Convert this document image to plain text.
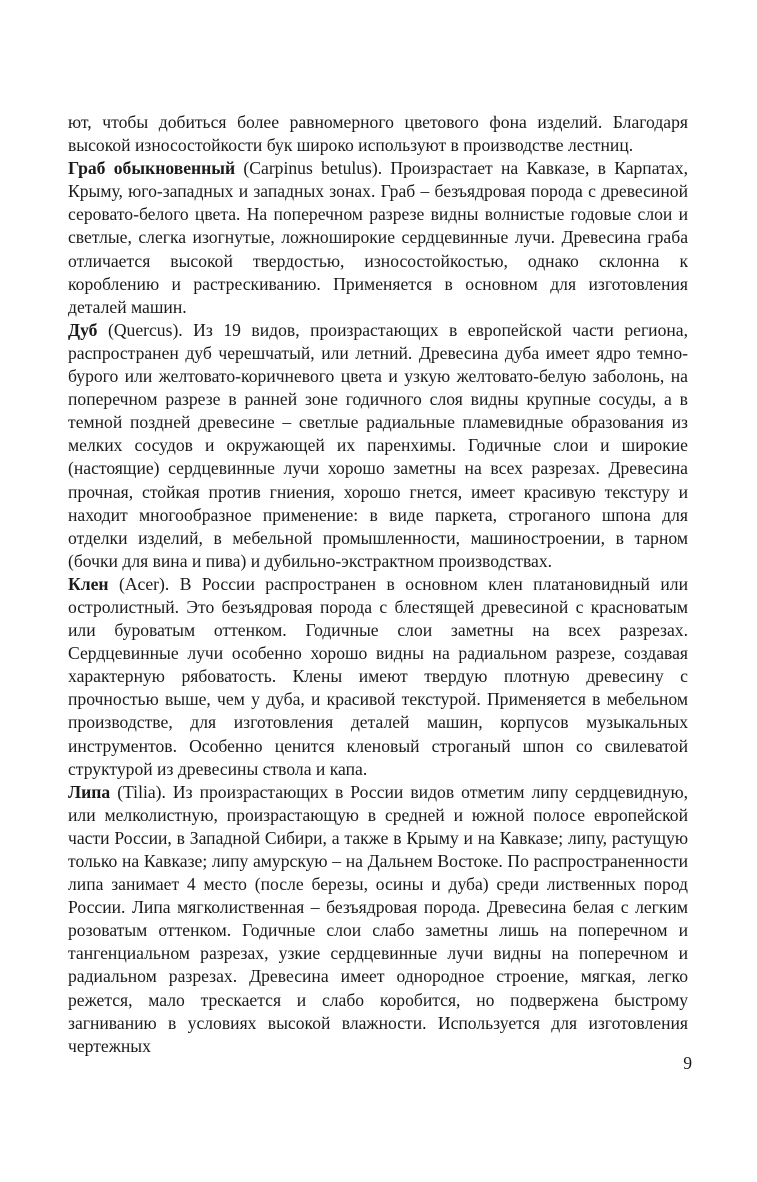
ют, чтобы добиться более равномерного цветового фона изделий. Благодаря высокой износостойкости бук широко используют в производстве лестниц.

Граб обыкновенный (Carpinus betulus). Произрастает на Кавказе, в Карпатах, Крыму, юго-западных и западных зонах. Граб – безъядровая порода с древесиной серовато-белого цвета. На поперечном разрезе видны волнистые годовые слои и светлые, слегка изогнутые, ложноширокие сердцевинные лучи. Древесина граба отличается высокой твердостью, износостойкостью, однако склонна к короблению и растрескиванию. Применяется в основном для изготовления деталей машин.

Дуб (Quercus). Из 19 видов, произрастающих в европейской части региона, распространен дуб черешчатый, или летний. Древесина дуба имеет ядро темно-бурого или желтовато-коричневого цвета и узкую желтовато-белую заболонь, на поперечном разрезе в ранней зоне годичного слоя видны крупные сосуды, а в темной поздней древесине – светлые радиальные пламевидные образования из мелких сосудов и окружающей их паренхимы. Годичные слои и широкие (настоящие) сердцевинные лучи хорошо заметны на всех разрезах. Древесина прочная, стойкая против гниения, хорошо гнется, имеет красивую текстуру и находит многообразное применение: в виде паркета, строганого шпона для отделки изделий, в мебельной промышленности, машиностроении, в тарном (бочки для вина и пива) и дубильно-экстрактном производствах.

Клен (Acer). В России распространен в основном клен платановидный или остролистный. Это безъядровая порода с блестящей древесиной с красноватым или буроватым оттенком. Годичные слои заметны на всех разрезах. Сердцевинные лучи особенно хорошо видны на радиальном разрезе, создавая характерную рябоватость. Клены имеют твердую плотную древесину с прочностью выше, чем у дуба, и красивой текстурой. Применяется в мебельном производстве, для изготовления деталей машин, корпусов музыкальных инструментов. Особенно ценится кленовый строганый шпон со свилеватой структурой из древесины ствола и капа.

Липа (Tilia). Из произрастающих в России видов отметим липу сердцевидную, или мелколистную, произрастающую в средней и южной полосе европейской части России, в Западной Сибири, а также в Крыму и на Кавказе; липу, растущую только на Кавказе; липу амурскую – на Дальнем Востоке. По распространенности липа занимает 4 место (после березы, осины и дуба) среди лиственных пород России. Липа мягколиственная – безъядровая порода. Древесина белая с легким розоватым оттенком. Годичные слои слабо заметны лишь на поперечном и тангенциальном разрезах, узкие сердцевинные лучи видны на поперечном и радиальном разрезах. Древесина имеет однородное строение, мягкая, легко режется, мало трескается и слабо коробится, но подвержена быстрому загниванию в условиях высокой влажности. Используется для изготовления чертежных

9
